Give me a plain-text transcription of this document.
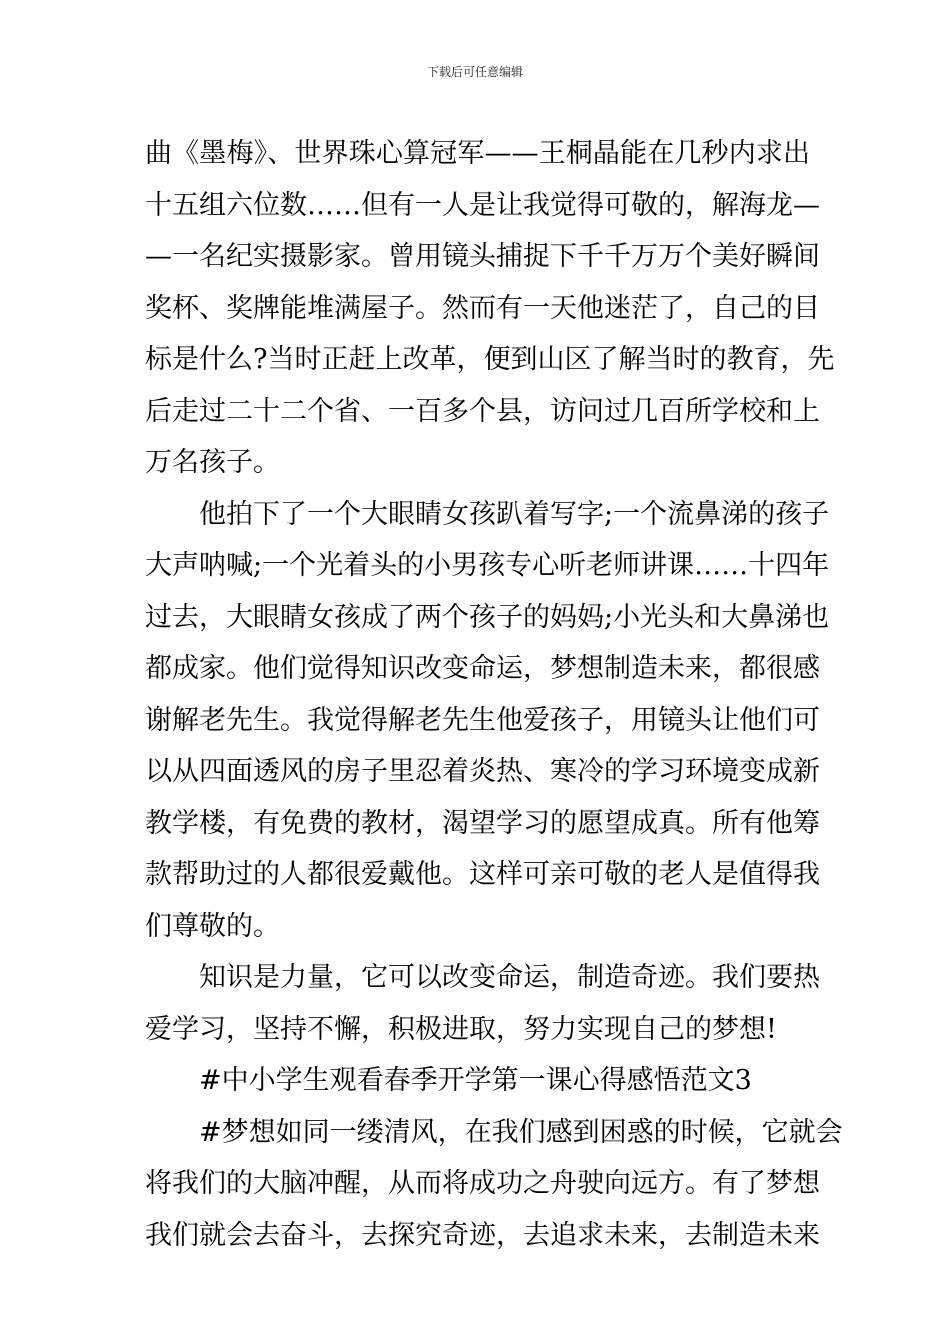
下载后可任意编辑
曲《墨梅》、世界珠心算冠军——王桐晶能在几秒内求出
十五组六位数……但有一人是让我觉得可敬的，解海龙—
—一名纪实摄影家。曾用镜头捕捉下千千万万个美好瞬间
奖杯、奖牌能堆满屋子。然而有一天他迷茫了，自己的目
标是什么?当时正赶上改革，便到山区了解当时的教育，先
后走过二十二个省、一百多个县，访问过几百所学校和上
万名孩子。
他拍下了一个大眼睛女孩趴着写字;一个流鼻涕的孩子
大声呐喊;一个光着头的小男孩专心听老师讲课……十四年
过去，大眼睛女孩成了两个孩子的妈妈;小光头和大鼻涕也
都成家。他们觉得知识改变命运，梦想制造未来，都很感
谢解老先生。我觉得解老先生他爱孩子，用镜头让他们可
以从四面透风的房子里忍着炎热、寒冷的学习环境变成新
教学楼，有免费的教材，渴望学习的愿望成真。所有他筹
款帮助过的人都很爱戴他。这样可亲可敬的老人是值得我
们尊敬的。
知识是力量，它可以改变命运，制造奇迹。我们要热
爱学习，坚持不懈，积极进取，努力实现自己的梦想!
#中小学生观看春季开学第一课心得感悟范文3
#梦想如同一缕清风，在我们感到困惑的时候，它就会
将我们的大脑冲醒，从而将成功之舟驶向远方。有了梦想
我们就会去奋斗，去探究奇迹，去追求未来，去制造未来
